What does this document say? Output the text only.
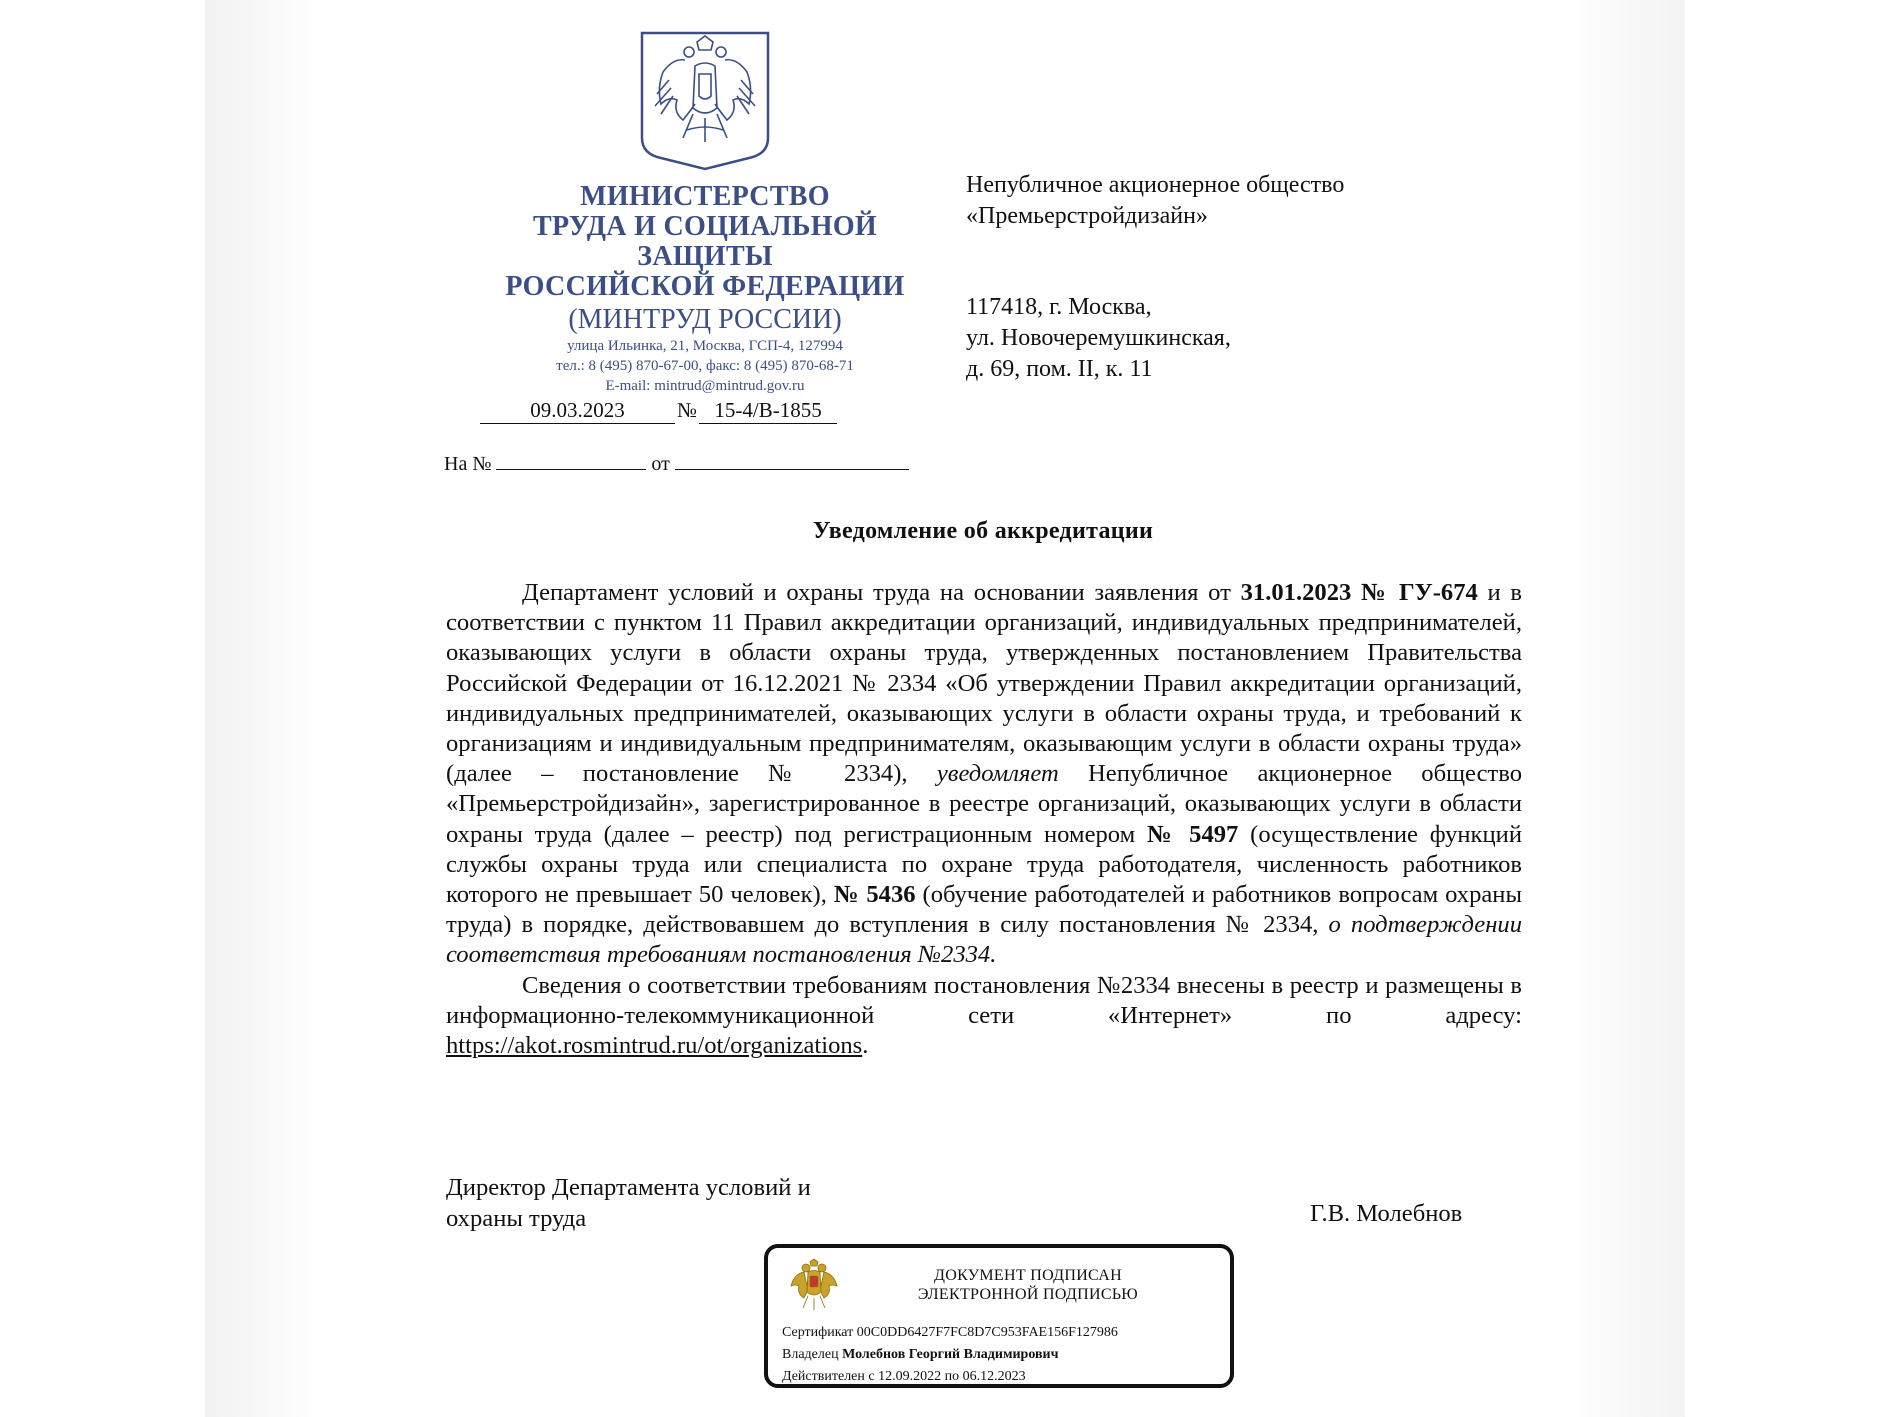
МИНИСТЕРСТВО
ТРУДА И СОЦИАЛЬНОЙ
ЗАЩИТЫ
РОССИЙСКОЙ ФЕДЕРАЦИИ
(МИНТРУД РОССИИ)
улица Ильинка, 21, Москва, ГСП-4, 127994
тел.: 8 (495) 870-67-00, факс: 8 (495) 870-68-71
E-mail: mintrud@mintrud.gov.ru
09.03.2023 № 15-4/В-1855
На №	от
Непубличное акционерное общество
«Премьерстройдизайн»
117418, г. Москва,
ул. Новочеремушкинская,
д. 69, пом. II, к. 11
Уведомление об аккредитации

Департамент условий и охраны труда на основании заявления от 31.01.2023 № ГУ-674 и в соответствии с пунктом 11 Правил аккредитации организаций, индивидуальных предпринимателей, оказывающих услуги в области охраны труда, утвержденных постановлением Правительства Российской Федерации от 16.12.2021 № 2334 «Об утверждении Правил аккредитации организаций, индивидуальных предпринимателей, оказывающих услуги в области охраны труда, и требований к организациям и индивидуальным предпринимателям, оказывающим услуги в области охраны труда» (далее – постановление № 2334), уведомляет Непубличное акционерное общество «Премьерстройдизайн», зарегистрированное в реестре организаций, оказывающих услуги в области охраны труда (далее – реестр) под регистрационным номером № 5497 (осуществление функций службы охраны труда или специалиста по охране труда работодателя, численность работников которого не превышает 50 человек), № 5436 (обучение работодателей и работников вопросам охраны труда) в порядке, действовавшем до вступления в силу постановления № 2334, о подтверждении соответствия требованиям постановления №2334.

Сведения о соответствии требованиям постановления №2334 внесены в реестр и размещены в информационно-телекоммуникационной сети «Интернет» по адресу: https://akot.rosmintrud.ru/ot/organizations.

Директор Департамента условий и
охраны труда	Г.В. Молебнов
ДОКУМЕНТ ПОДПИСАН
ЭЛЕКТРОННОЙ ПОДПИСЬЮ
Сертификат 00C0DD6427F7FC8D7C953FAE156F127986
Владелец Молебнов Георгий Владимирович
Действителен с 12.09.2022 по 06.12.2023
